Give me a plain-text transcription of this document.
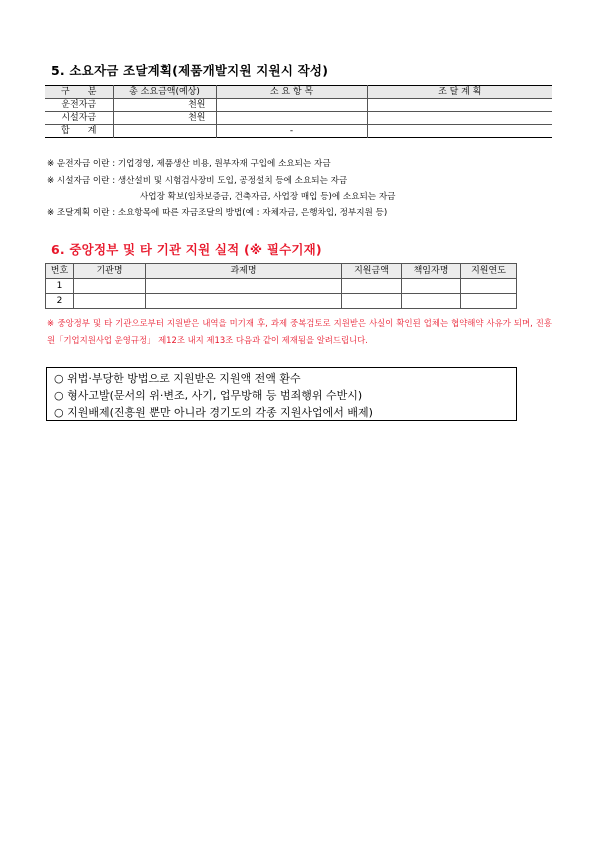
5. 소요자금 조달계획(제품개발지원 지원시 작성)
구　　분	총 소요금액(예상)	소 요 항 목	조 달 계 획
운전자금	천원		
시설자금	천원		
합　　계		-	
※ 운전자금 이란 : 기업경영, 제품생산 비용, 원부자재 구입에 소요되는 자금
※ 시설자금 이란 : 생산설비 및 시험검사장비 도입, 공정설치 등에 소요되는 자금
사업장 확보(임차보증금, 건축자금, 사업장 매입 등)에 소요되는 자금
※ 조달계획 이란 : 소요항목에 따른 자금조달의 방법(예 : 자체자금, 은행차입, 정부지원 등)
6. 중앙정부 및 타 기관 지원 실적 (※ 필수기재)
번호	기관명	과제명	지원금액	책임자명	지원연도
1					
2					
※ 중앙정부 및 타 기관으로부터 지원받은 내역을 미기재 후, 과제 중복검토로 지원받은 사실이 확인된 업체는 협약해약 사유가 되며, 진흥원「기업지원사업 운영규정」 제12조 내지 제13조 다음과 같이 제재됨을 알려드립니다.
○ 위법·부당한 방법으로 지원받은 지원액 전액 환수
○ 형사고발(문서의 위·변조, 사기, 업무방해 등 범죄행위 수반시)
○ 지원배제(진흥원 뿐만 아니라 경기도의 각종 지원사업에서 배제)
